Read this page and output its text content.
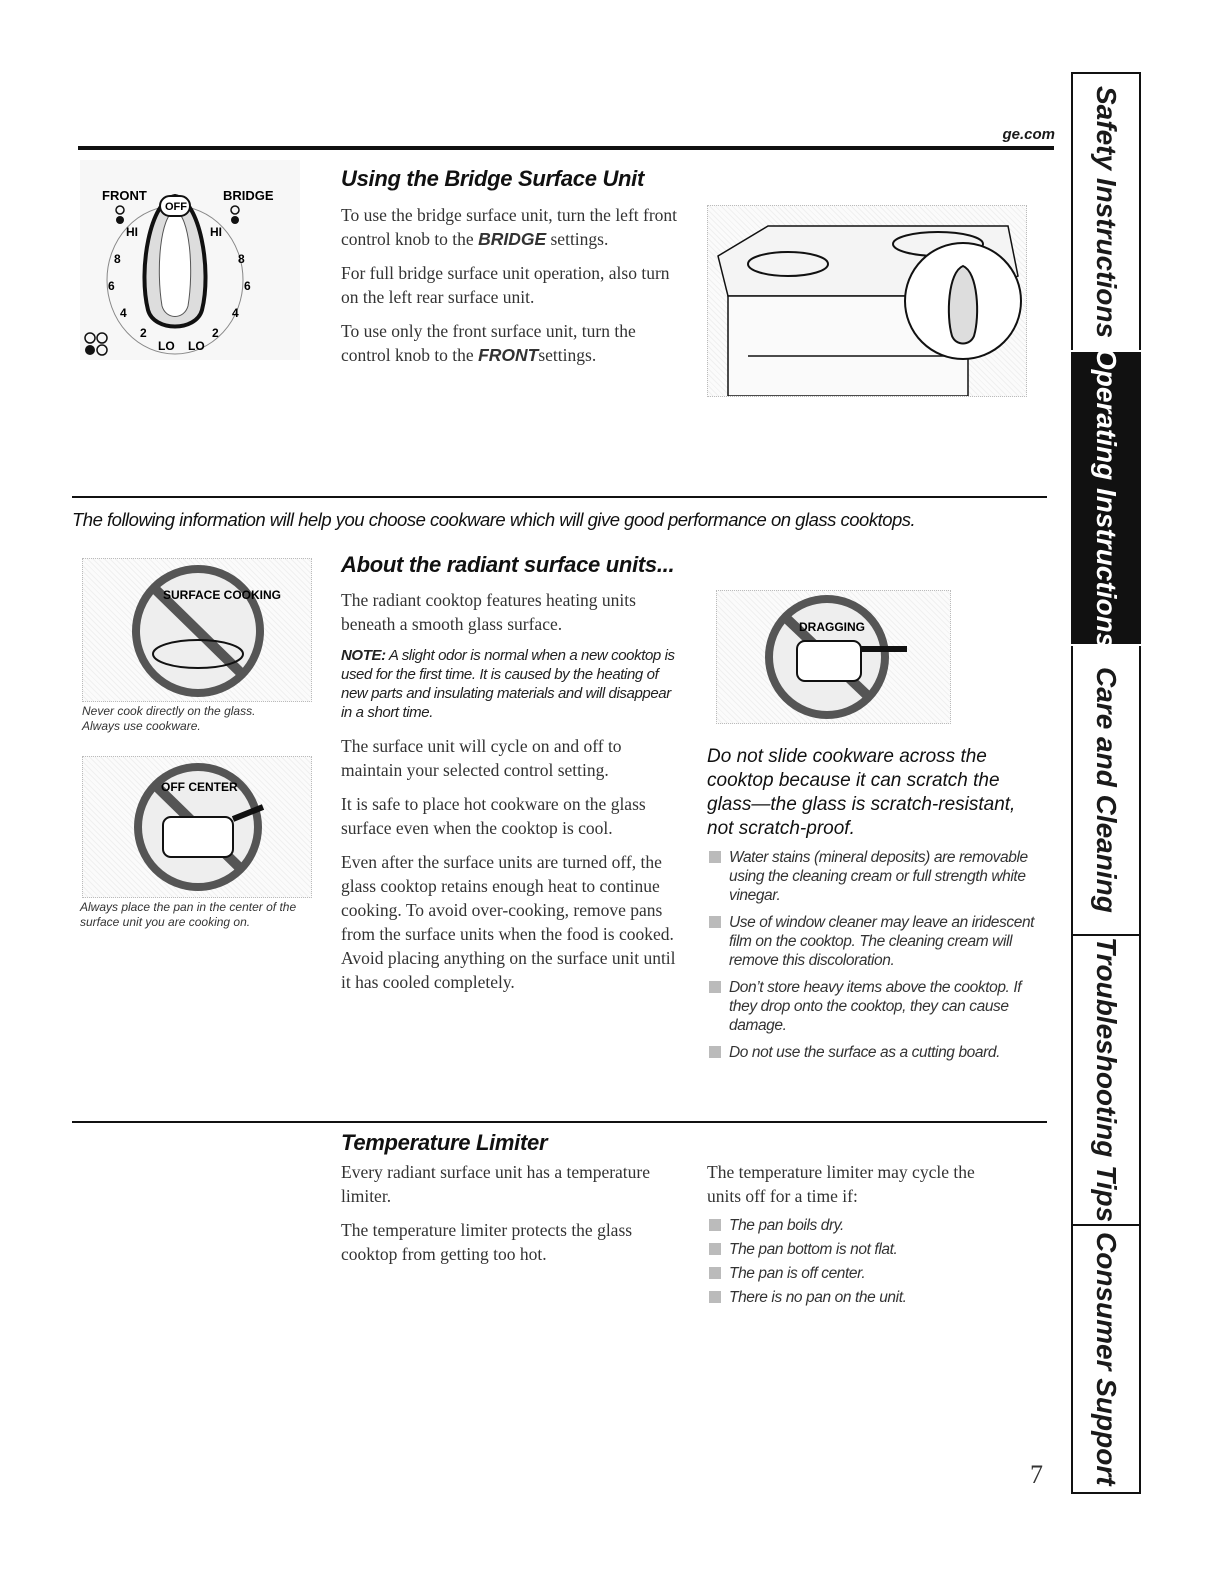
ge.com
FRONT	BRIDGE
OFF
HI	HI
8	8
6	6
4	4
2	2
LO LO
Using the Bridge Surface Unit

To use the bridge surface unit, turn the left front control knob to the BRIDGE settings.

For full bridge surface unit operation, also turn on the left rear surface unit.

To use only the front surface unit, turn the control knob to the FRONTsettings.

The following information will help you choose cookware which will give good performance on glass cooktops.
SURFACE COOKING
Never cook directly on the glass. Always use cookware.
OFF CENTER
Always place the pan in the center of the surface unit you are cooking on.
About the radiant surface units...

The radiant cooktop features heating units beneath a smooth glass surface.

NOTE: A slight odor is normal when a new cooktop is used for the first time. It is caused by the heating of new parts and insulating materials and will disappear in a short time.

The surface unit will cycle on and off to maintain your selected control setting.

It is safe to place hot cookware on the glass surface even when the cooktop is cool.

Even after the surface units are turned off, the glass cooktop retains enough heat to continue cooking. To avoid over-cooking, remove pans from the surface units when the food is cooked. Avoid placing anything on the surface unit until it has cooled completely.

DRAGGING
Do not slide cookware across the cooktop because it can scratch the glass—the glass is scratch-resistant, not scratch-proof.
Water stains (mineral deposits) are removable using the cleaning cream or full strength white vinegar.
Use of window cleaner may leave an iridescent film on the cooktop. The cleaning cream will remove this discoloration.
Don’t store heavy items above the cooktop. If they drop onto the cooktop, they can cause damage.
Do not use the surface as a cutting board.
Temperature Limiter

Every radiant surface unit has a temperature limiter.

The temperature limiter protects the glass cooktop from getting too hot.

The temperature limiter may cycle the units off for a time if:

The pan boils dry.
The pan bottom is not flat.
The pan is off center.
There is no pan on the unit.
7
Safety Instructions
Operating Instructions
Care and Cleaning
Troubleshooting Tips
Consumer Support
